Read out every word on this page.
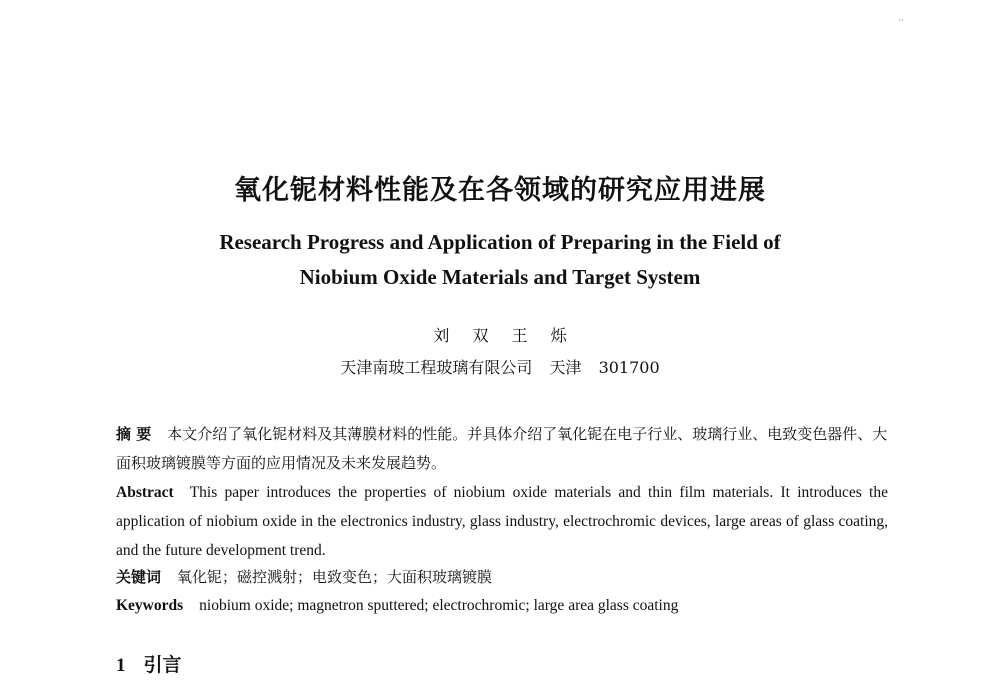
··
氧化铌材料性能及在各领域的研究应用进展
Research Progress and Application of Preparing in the Field of
Niobium Oxide Materials and Target System
刘 双 王 烁
天津南玻工程玻璃有限公司 天津 301700
摘 要 本文介绍了氧化铌材料及其薄膜材料的性能。并具体介绍了氧化铌在电子行业、玻璃行业、电致变色器件、大面积玻璃镀膜等方面的应用情况及未来发展趋势。
Abstract This paper introduces the properties of niobium oxide materials and thin film materials. It introduces the application of niobium oxide in the electronics industry, glass industry, electrochromic devices, large areas of glass coating, and the future development trend.
关键词 氧化铌；磁控溅射；电致变色；大面积玻璃镀膜
Keywords niobium oxide; magnetron sputtered; electrochromic; large area glass coating
1 引言
